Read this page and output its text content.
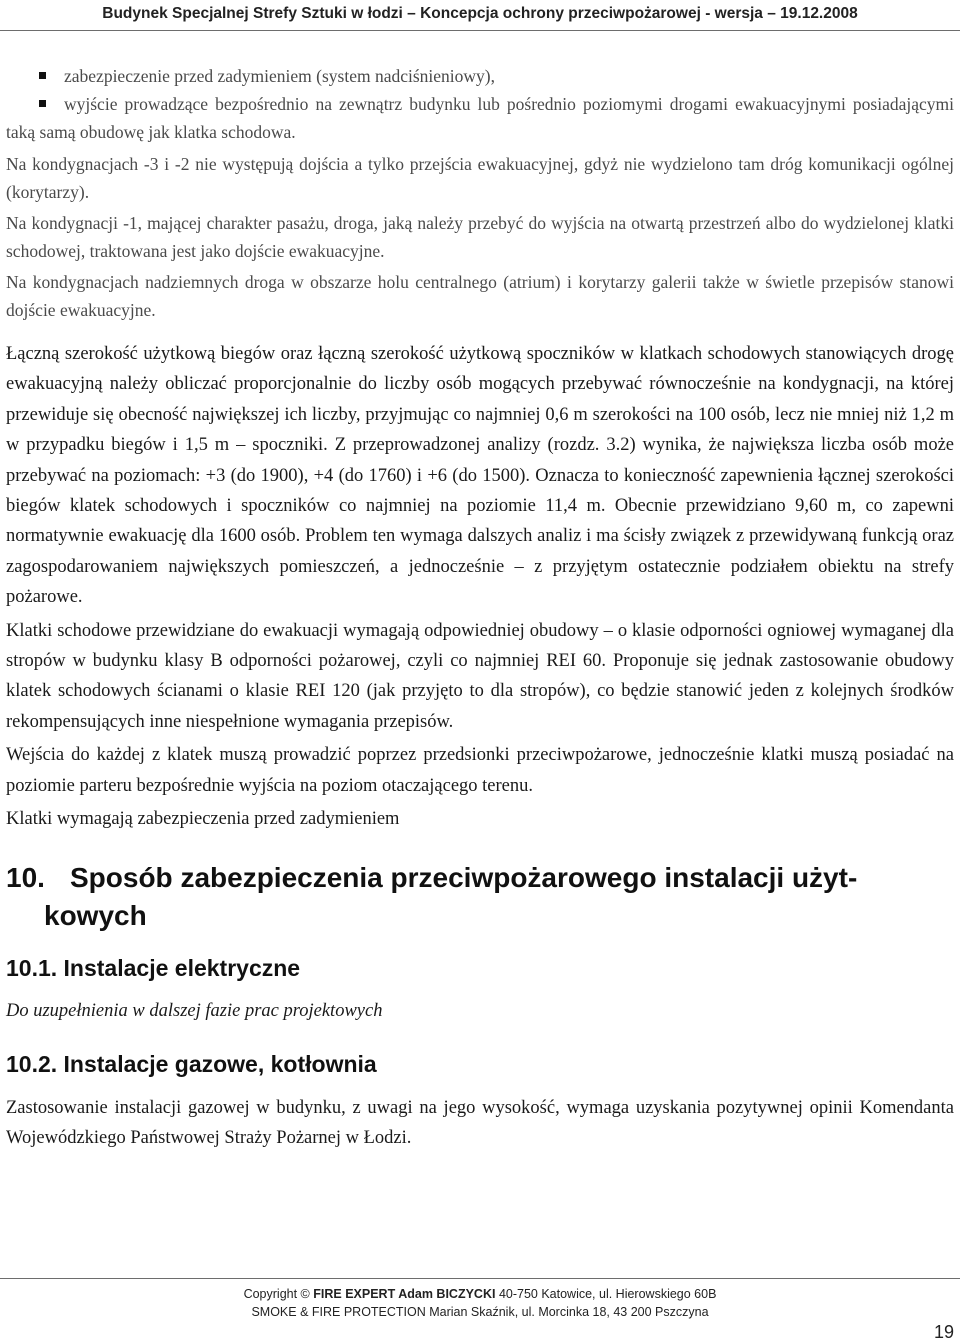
Budynek Specjalnej Strefy Sztuki w łodzi – Koncepcja ochrony przeciwpożarowej - wersja – 19.12.2008
zabezpieczenie przed zadymieniem (system nadciśnieniowy),
wyjście prowadzące bezpośrednio na zewnątrz budynku lub pośrednio poziomymi drogami ewakuacyjnymi posiadającymi taką samą obudowę jak klatka schodowa.

Na kondygnacjach -3 i -2 nie występują dojścia a tylko przejścia ewakuacyjnej, gdyż nie wydzielono tam dróg komunikacji ogólnej (korytarzy).

Na kondygnacji -1, mającej charakter pasażu, droga, jaką należy przebyć do wyjścia na otwartą przestrzeń albo do wydzielonej klatki schodowej, traktowana jest jako dojście ewakuacyjne.

Na kondygnacjach nadziemnych droga w obszarze holu centralnego (atrium) i korytarzy galerii także w świetle przepisów stanowi dojście ewakuacyjne.

Łączną szerokość użytkową biegów oraz łączną szerokość użytkową spoczników w klatkach schodowych stanowiących drogę ewakuacyjną należy obliczać proporcjonalnie do liczby osób mogących przebywać równocześnie na kondygnacji, na której przewiduje się obecność największej ich liczby, przyjmując co najmniej 0,6 m szerokości na 100 osób, lecz nie mniej niż 1,2 m w przypadku biegów i 1,5 m – spoczniki. Z przeprowadzonej analizy (rozdz. 3.2) wynika, że największa liczba osób może przebywać na poziomach: +3 (do 1900), +4 (do 1760) i +6 (do 1500). Oznacza to konieczność zapewnienia łącznej szerokości biegów klatek schodowych i spoczników co najmniej na poziomie 11,4 m. Obecnie przewidziano 9,60 m, co zapewni normatywnie ewakuację dla 1600 osób. Problem ten wymaga dalszych analiz i ma ścisły związek z przewidywaną funkcją oraz zagospodarowaniem największych pomieszczeń, a jednocześnie – z przyjętym ostatecznie podziałem obiektu na strefy pożarowe.

Klatki schodowe przewidziane do ewakuacji wymagają odpowiedniej obudowy – o klasie odporności ogniowej wymaganej dla stropów w budynku klasy B odporności pożarowej, czyli co najmniej REI 60. Proponuje się jednak zastosowanie obudowy klatek schodowych ścianami o klasie REI 120 (jak przyjęto to dla stropów), co będzie stanowić jeden z kolejnych środków rekompensujących inne niespełnione wymagania przepisów.

Wejścia do każdej z klatek muszą prowadzić poprzez przedsionki przeciwpożarowe, jednocześnie klatki muszą posiadać na poziomie parteru bezpośrednie wyjścia na poziom otaczającego terenu.

Klatki wymagają zabezpieczenia przed zadymieniem

10. Sposób zabezpieczenia przeciwpożarowego instalacji użyt-
kowych
10.1. Instalacje elektryczne

Do uzupełnienia w dalszej fazie prac projektowych

10.2. Instalacje gazowe, kotłownia

Zastosowanie instalacji gazowej w budynku, z uwagi na jego wysokość, wymaga uzyskania pozytywnej opinii Komendanta Wojewódzkiego Państwowej Straży Pożarnej w Łodzi.

Copyright © FIRE EXPERT Adam BICZYCKI 40-750 Katowice, ul. Hierowskiego 60B
SMOKE & FIRE PROTECTION Marian Skaźnik, ul. Morcinka 18, 43 200 Pszczyna
19
